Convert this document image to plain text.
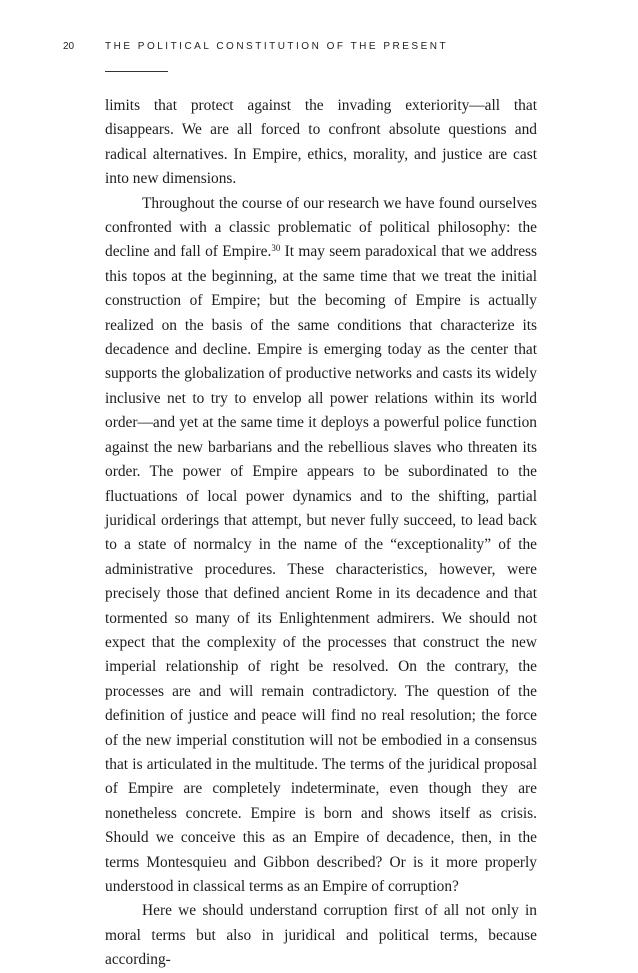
20	THE POLITICAL CONSTITUTION OF THE PRESENT

limits that protect against the invading exteriority—all that disappears. We are all forced to confront absolute questions and radical alternatives. In Empire, ethics, morality, and justice are cast into new dimensions.

Throughout the course of our research we have found ourselves confronted with a classic problematic of political philosophy: the decline and fall of Empire.$^{30}$ It may seem paradoxical that we address this topos at the beginning, at the same time that we treat the initial construction of Empire; but the becoming of Empire is actually realized on the basis of the same conditions that characterize its decadence and decline. Empire is emerging today as the center that supports the globalization of productive networks and casts its widely inclusive net to try to envelop all power relations within its world order—and yet at the same time it deploys a powerful police function against the new barbarians and the rebellious slaves who threaten its order. The power of Empire appears to be subordinated to the fluctuations of local power dynamics and to the shifting, partial juridical orderings that attempt, but never fully succeed, to lead back to a state of normalcy in the name of the “exceptionality” of the administrative procedures. These characteristics, however, were precisely those that defined ancient Rome in its decadence and that tormented so many of its Enlightenment admirers. We should not expect that the complexity of the processes that construct the new imperial relationship of right be resolved. On the contrary, the processes are and will remain contradictory. The question of the definition of justice and peace will find no real resolution; the force of the new imperial constitution will not be embodied in a consensus that is articulated in the multitude. The terms of the juridical proposal of Empire are completely indeterminate, even though they are nonetheless concrete. Empire is born and shows itself as crisis. Should we conceive this as an Empire of decadence, then, in the terms Montesquieu and Gibbon described? Or is it more properly understood in classical terms as an Empire of corruption?

Here we should understand corruption first of all not only in moral terms but also in juridical and political terms, because according-
